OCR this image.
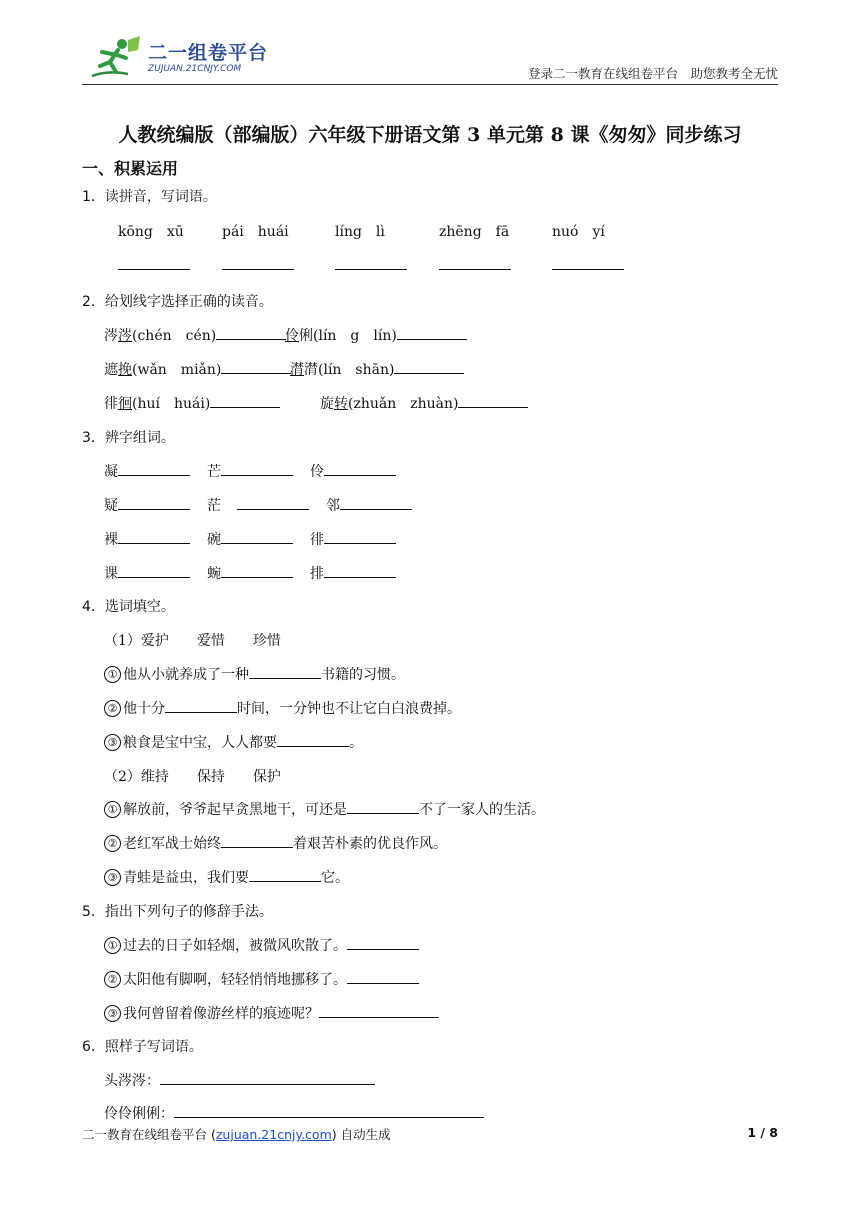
二一组卷平台
ZUJUAN.21CNJY.COM	登录二一教育在线组卷平台　助您教考全无忧
人教统编版（部编版）六年级下册语文第 3 单元第 8 课《匆匆》同步练习
一、积累运用
1．读拼音，写词语。
kōng　xū	pái　huái	líng　lì	zhēng　fā	nuó　yí
2．给划线字选择正确的读音。
涔涔(chén　cén)	伶俐(lín　g　lín)
遮挽(wǎn　miǎn)	潸潸(lín　shān)
徘徊(huí　huái)	旋转(zhuǎn　zhuàn)
3．辨字组词。
凝	芒	伶
疑	茫	邻
裸	碗	徘
课	蜿	排
4．选词填空。
（1）爱护　　爱惜　　珍惜
① 他从小就养成了一种	书籍的习惯。
② 他十分	时间，一分钟也不让它白白浪费掉。
③ 粮食是宝中宝，人人都要	。
（2）维持　　保持　　保护
① 解放前，爷爷起早贪黑地干，可还是	不了一家人的生活。
② 老红军战士始终	着艰苦朴素的优良作风。
③ 青蛙是益虫，我们要	它。
5．指出下列句子的修辞手法。
① 过去的日子如轻烟，被微风吹散了。
② 太阳他有脚啊，轻轻悄悄地挪移了。
③ 我何曾留着像游丝样的痕迹呢？
6．照样子写词语。
头涔涔：
伶伶俐俐：
二一教育在线组卷平台 (zujuan.21cnjy.com) 自动生成	1 / 8
